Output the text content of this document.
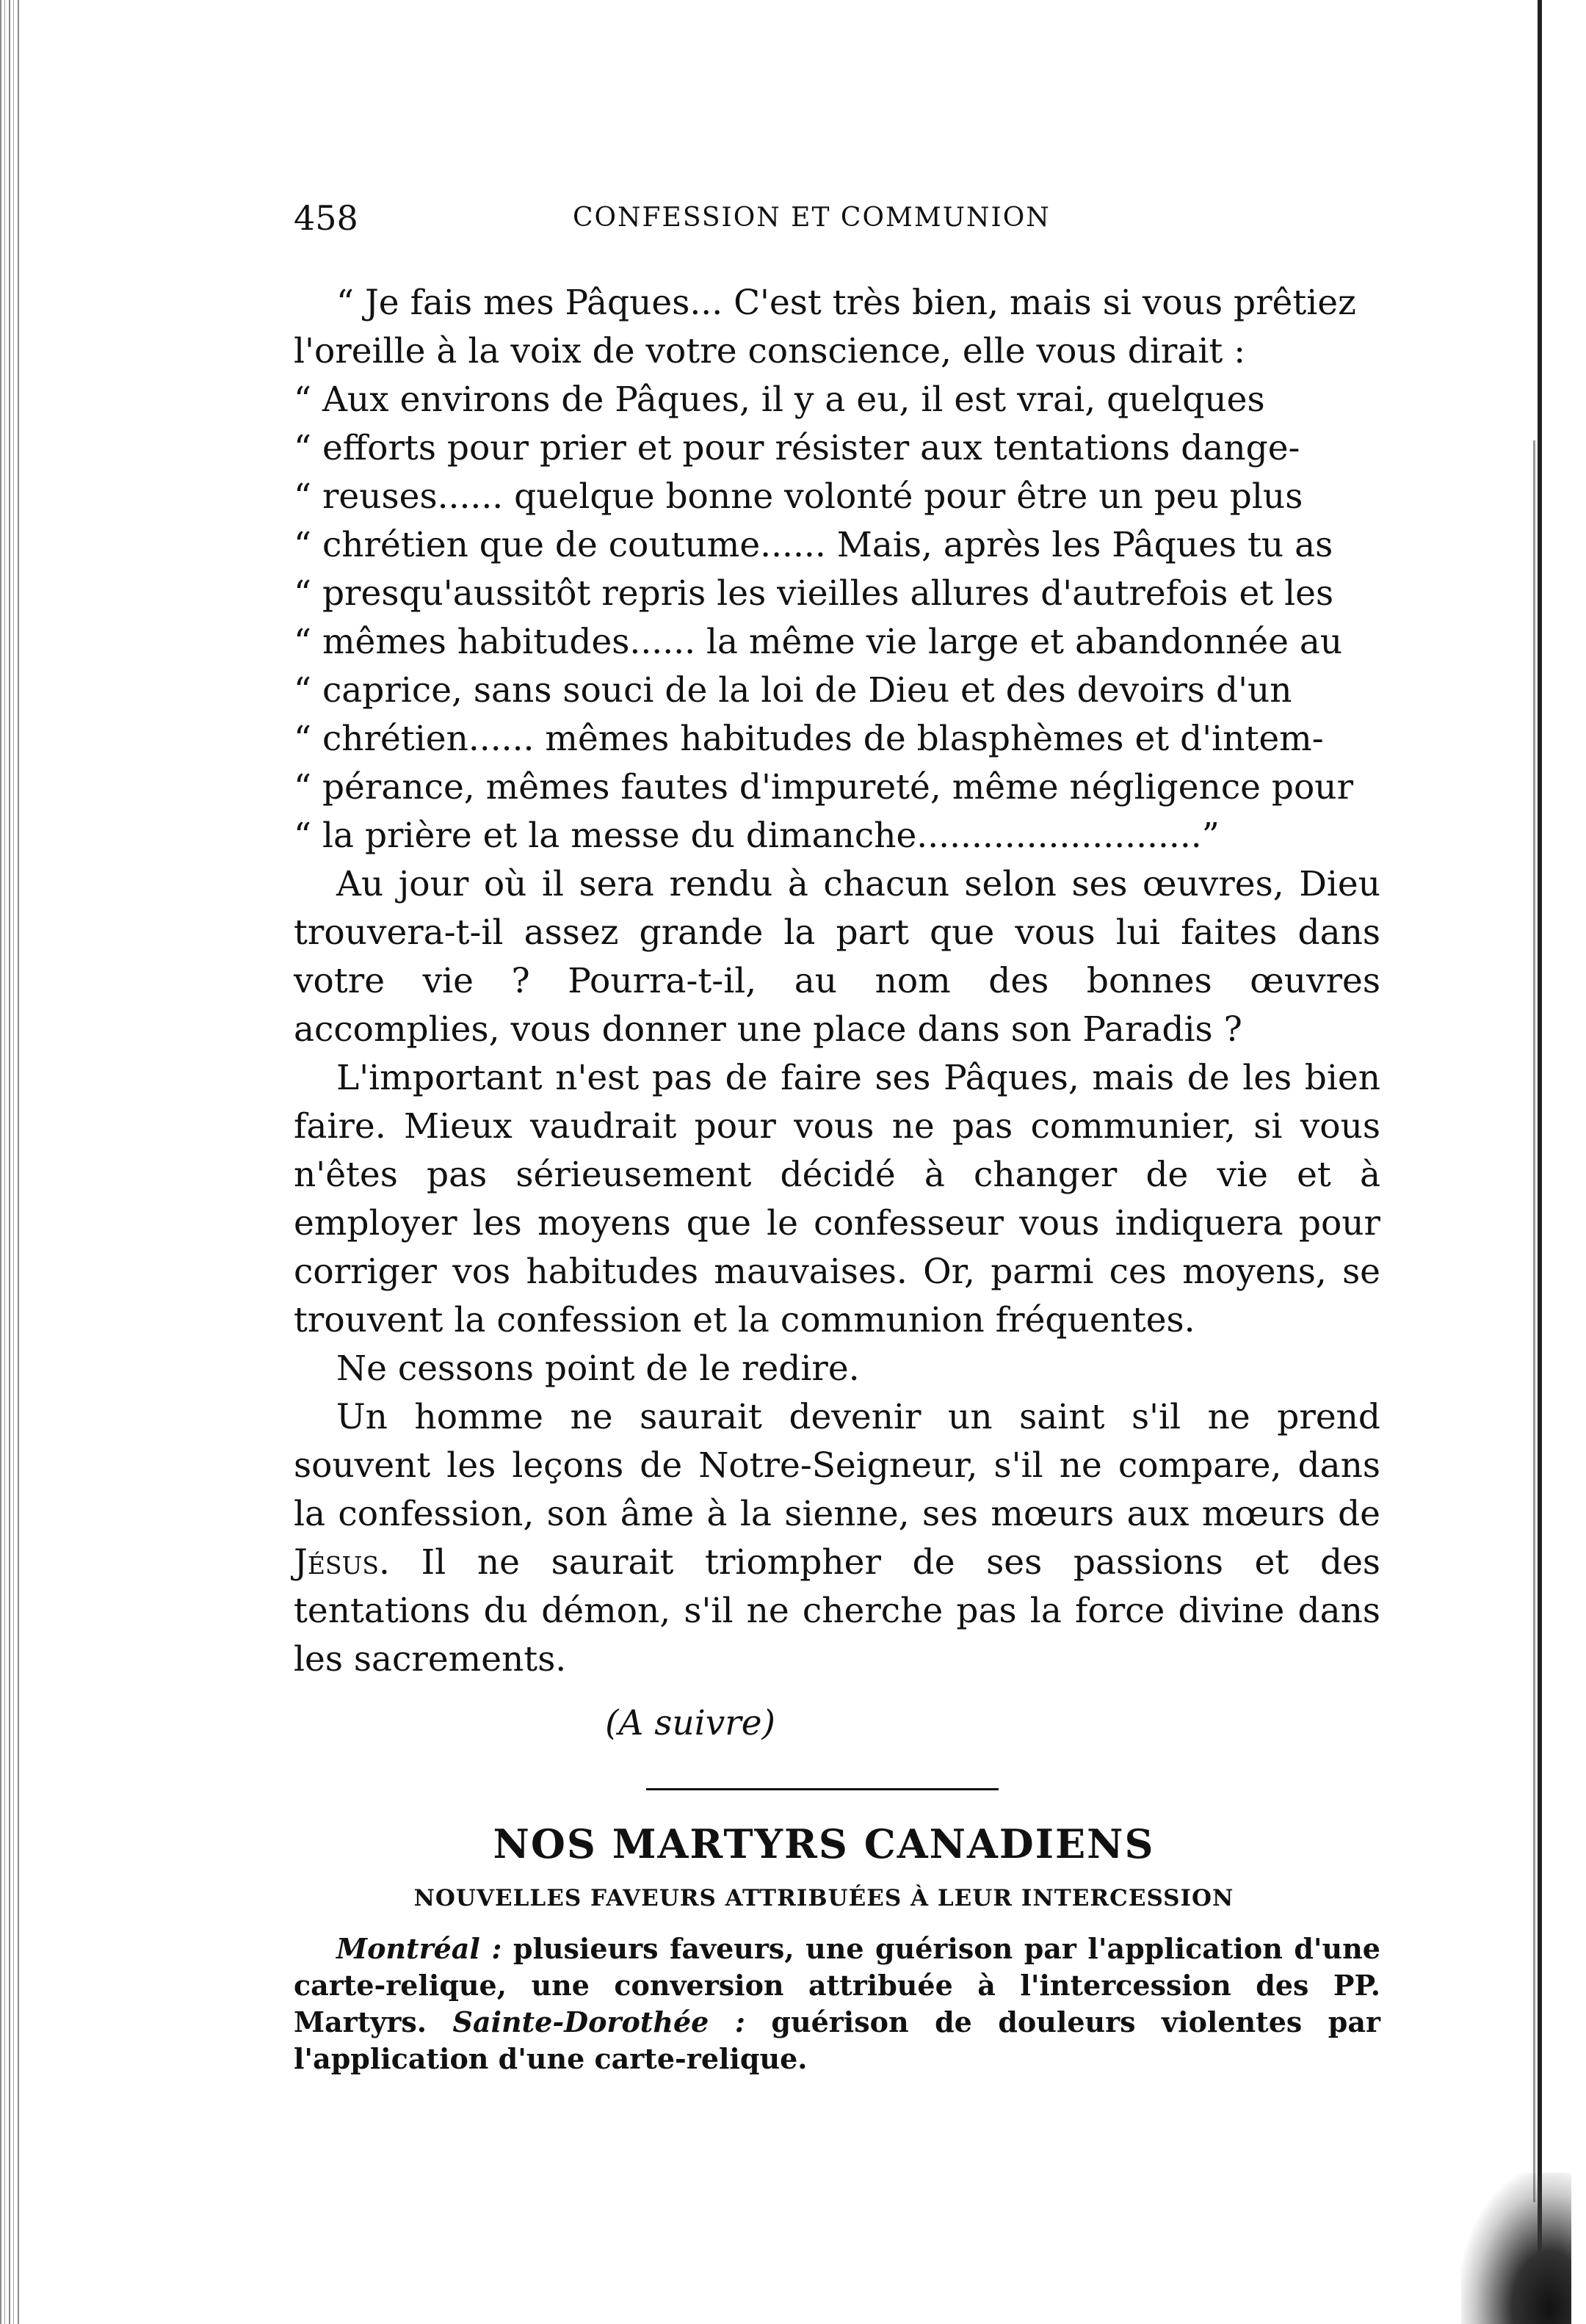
458	CONFESSION ET COMMUNION
“ Je fais mes Pâques... C'est très bien, mais si vous prêtiez
l'oreille à la voix de votre conscience, elle vous dirait :
“ Aux environs de Pâques, il y a eu, il est vrai, quelques
“ efforts pour prier et pour résister aux tentations dange-
“ reuses...... quelque bonne volonté pour être un peu plus
“ chrétien que de coutume...... Mais, après les Pâques tu as
“ presqu'aussitôt repris les vieilles allures d'autrefois et les
“ mêmes habitudes...... la même vie large et abandonnée au
“ caprice, sans souci de la loi de Dieu et des devoirs d'un
“ chrétien...... mêmes habitudes de blasphèmes et d'intem-
“ pérance, mêmes fautes d'impureté, même négligence pour
“ la prière et la messe du dimanche..........................”

Au jour où il sera rendu à chacun selon ses œuvres, Dieu trouvera-t-il assez grande la part que vous lui faites dans votre vie ? Pourra-t-il, au nom des bonnes œuvres accomplies, vous donner une place dans son Paradis ?

L'important n'est pas de faire ses Pâques, mais de les bien faire. Mieux vaudrait pour vous ne pas communier, si vous n'êtes pas sérieusement décidé à changer de vie et à employer les moyens que le confesseur vous indiquera pour corriger vos habitudes mauvaises. Or, parmi ces moyens, se trouvent la confession et la communion fréquentes.

Ne cessons point de le redire.

Un homme ne saurait devenir un saint s'il ne prend souvent les leçons de Notre-Seigneur, s'il ne compare, dans la confession, son âme à la sienne, ses mœurs aux mœurs de Jésus. Il ne saurait triompher de ses passions et des tentations du démon, s'il ne cherche pas la force divine dans les sacrements.

(A suivre)
NOS MARTYRS CANADIENS
NOUVELLES FAVEURS ATTRIBUÉES À LEUR INTERCESSION

Montréal : plusieurs faveurs, une guérison par l'application d'une carte-relique, une conversion attribuée à l'intercession des PP. Martyrs. Sainte-Dorothée : guérison de douleurs violentes par l'application d'une carte-relique.
